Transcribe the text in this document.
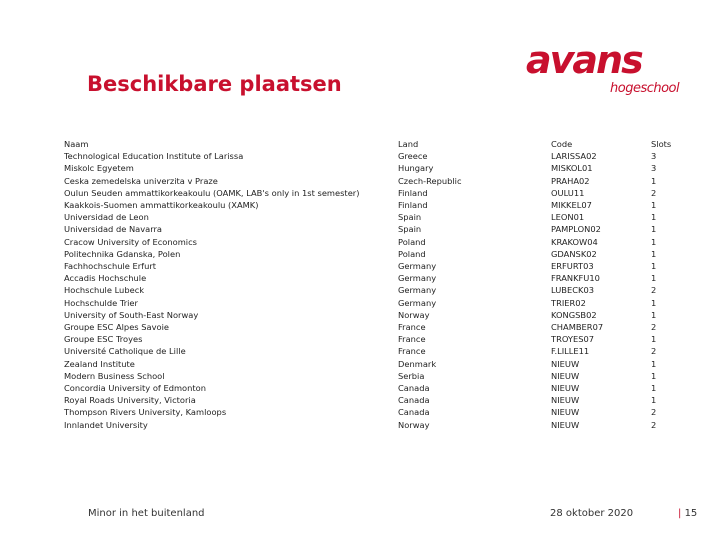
Beschikbare plaatsen
avans
hogeschool
Naam	Land	Code	Slots
Technological Education Institute of Larissa	Greece	LARISSA02	3
Miskolc Egyetem	Hungary	MISKOL01	3
Ceska zemedelska univerzita v Praze	Czech-Republic	PRAHA02	1
Oulun Seuden ammattikorkeakoulu (OAMK, LAB's only in 1st semester)	Finland	OULU11	2
Kaakkois-Suomen ammattikorkeakoulu (XAMK)	Finland	MIKKEL07	1
Universidad de Leon	Spain	LEON01	1
Universidad de Navarra	Spain	PAMPLON02	1
Cracow University of Economics	Poland	KRAKOW04	1
Politechnika Gdanska, Polen	Poland	GDANSK02	1
Fachhochschule Erfurt	Germany	ERFURT03	1
Accadis Hochschule	Germany	FRANKFU10	1
Hochschule Lubeck	Germany	LUBECK03	2
Hochschulde Trier	Germany	TRIER02	1
University of South-East Norway	Norway	KONGSB02	1
Groupe ESC Alpes Savoie	France	CHAMBER07	2
Groupe ESC Troyes	France	TROYES07	1
Université Catholique de Lille	France	F.LILLE11	2
Zealand Institute	Denmark	NIEUW	1
Modern Business School	Serbia	NIEUW	1
Concordia University of Edmonton	Canada	NIEUW	1
Royal Roads University, Victoria	Canada	NIEUW	1
Thompson Rivers University, Kamloops	Canada	NIEUW	2
Innlandet University	Norway	NIEUW	2
Minor in het buitenland	28 oktober 2020	| 15
